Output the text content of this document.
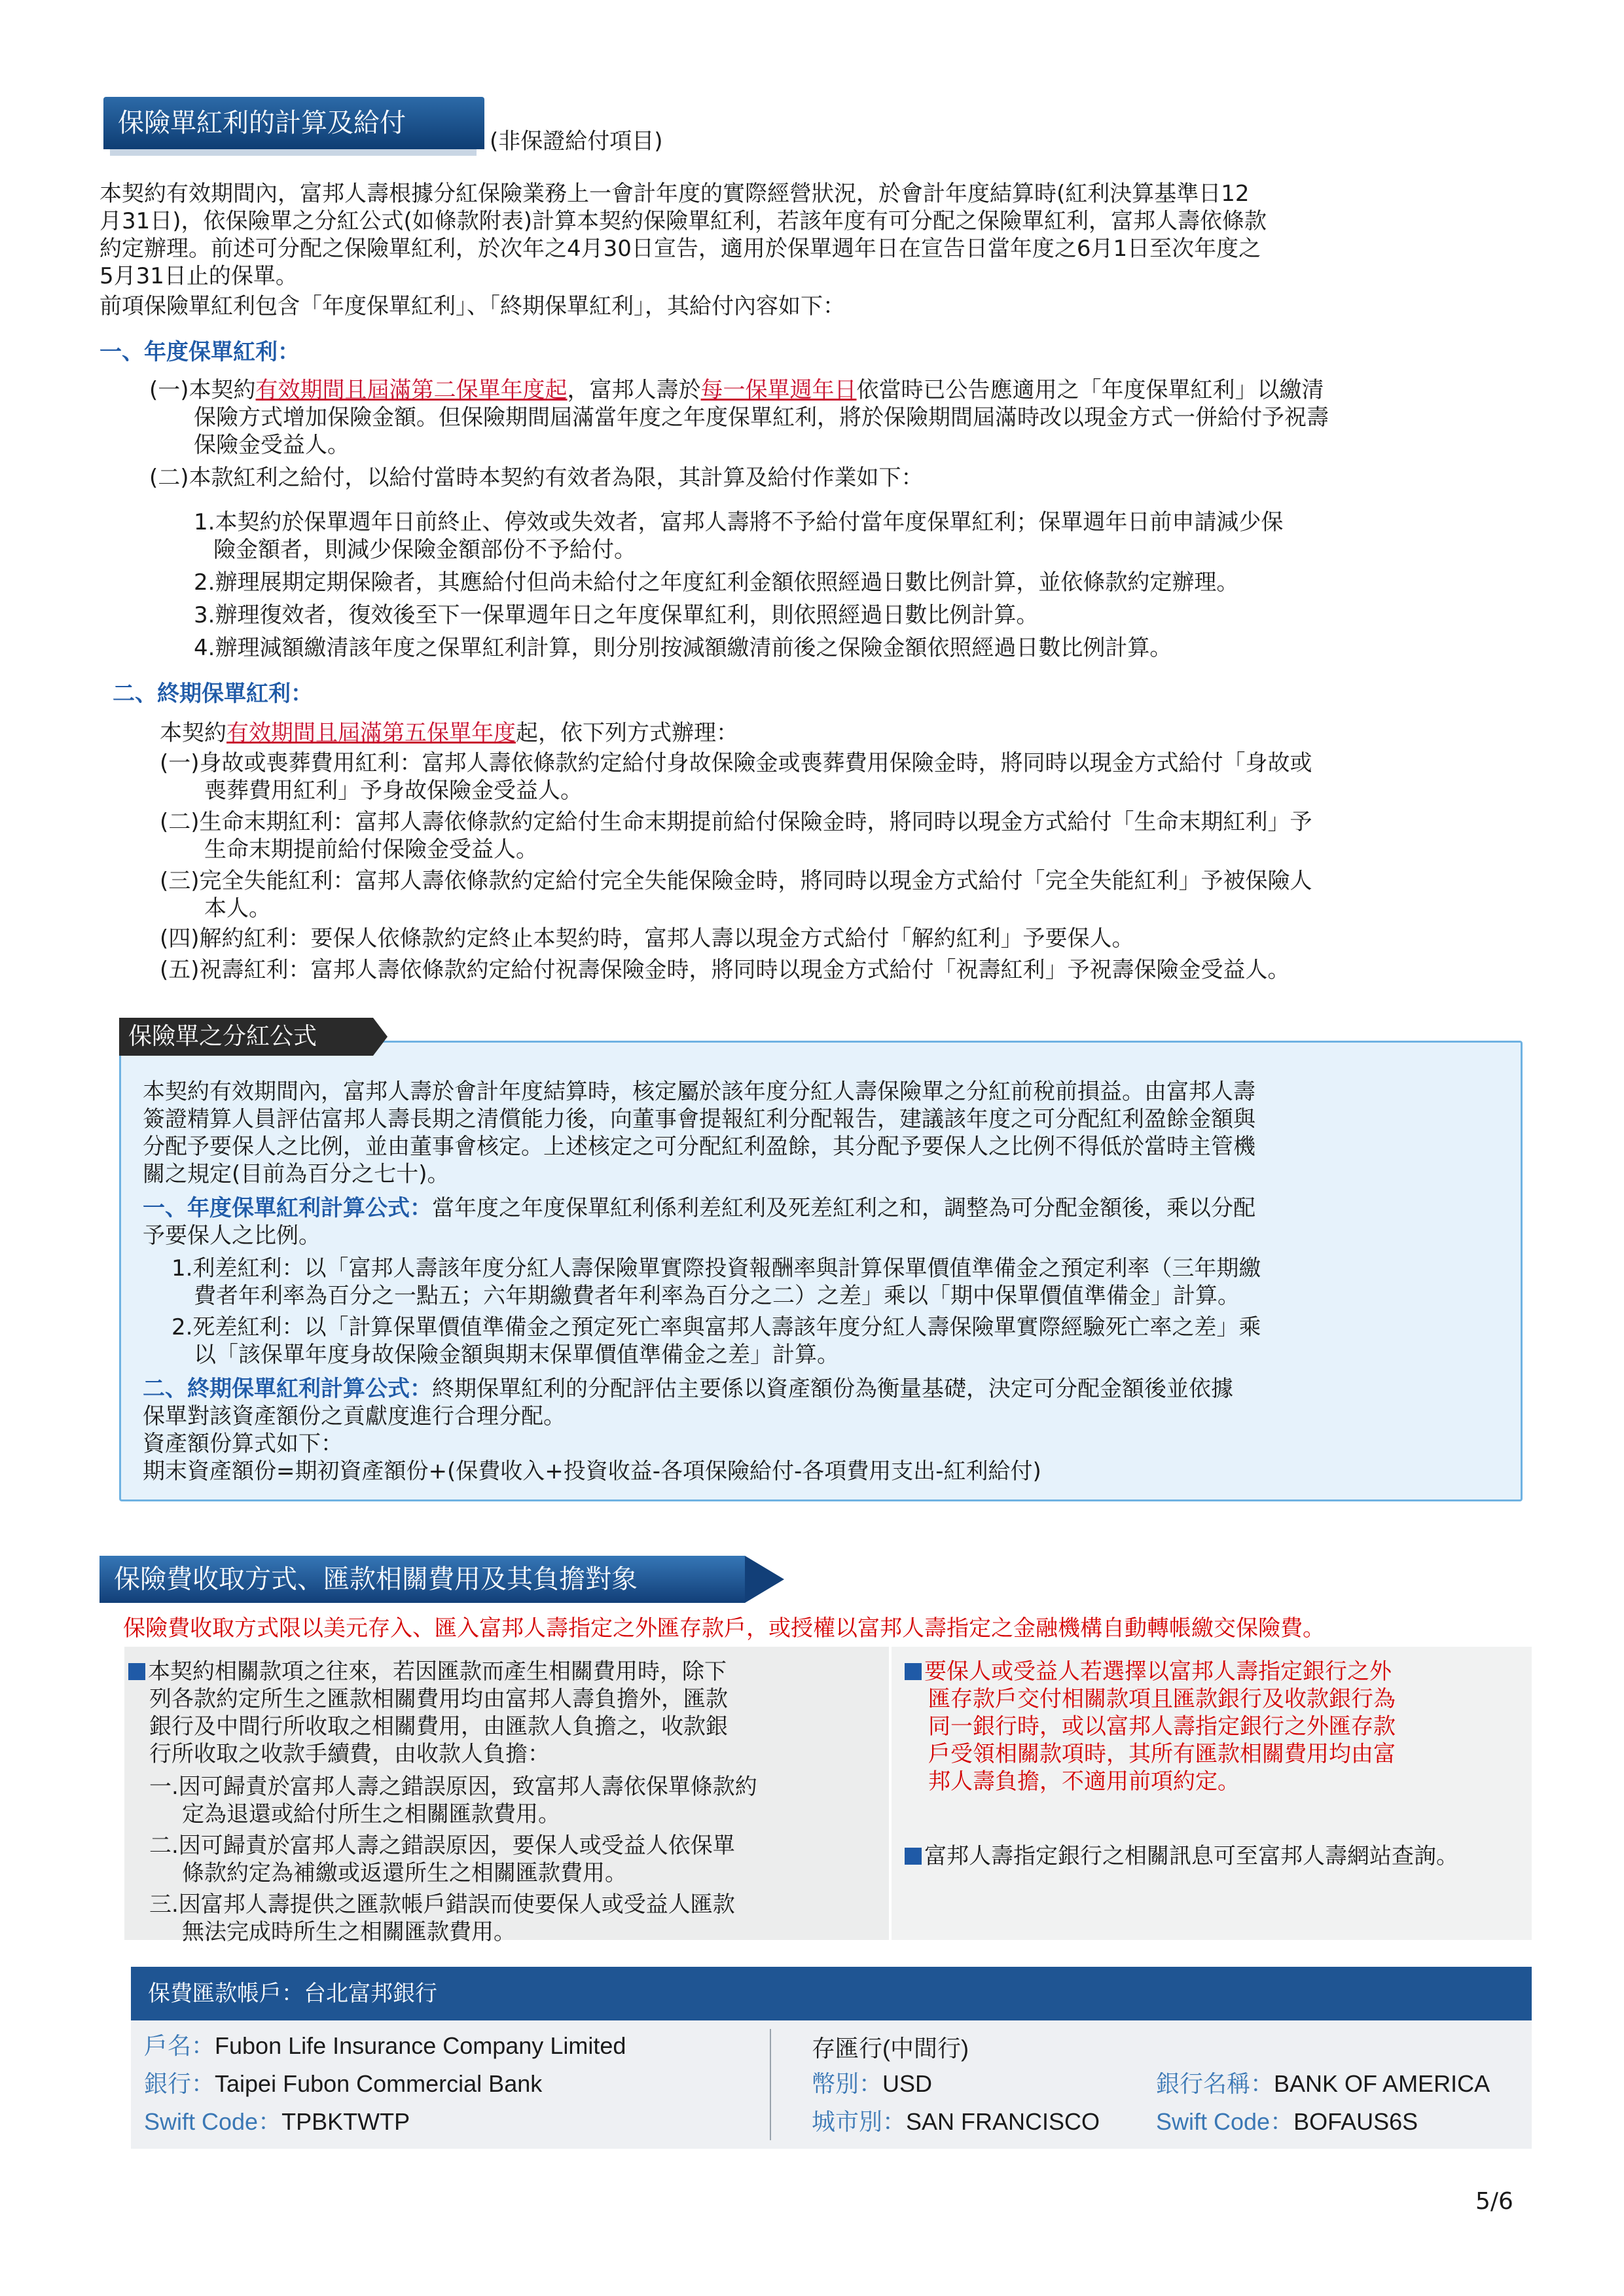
保險單紅利的計算及給付
(非保證給付項目)
本契約有效期間內，富邦人壽根據分紅保險業務上一會計年度的實際經營狀況，於會計年度結算時(紅利決算基準日12
月31日)，依保險單之分紅公式(如條款附表)計算本契約保險單紅利，若該年度有可分配之保險單紅利，富邦人壽依條款
約定辦理。前述可分配之保險單紅利，於次年之4月30日宣告，適用於保單週年日在宣告日當年度之6月1日至次年度之
5月31日止的保單。
前項保險單紅利包含「年度保單紅利」、「終期保單紅利」，其給付內容如下：
一、年度保單紅利：
(一)本契約有效期間且屆滿第二保單年度起，富邦人壽於每一保單週年日依當時已公告應適用之「年度保單紅利」以繳清
保險方式增加保險金額。但保險期間屆滿當年度之年度保單紅利，將於保險期間屆滿時改以現金方式一併給付予祝壽
保險金受益人。
(二)本款紅利之給付，以給付當時本契約有效者為限，其計算及給付作業如下：
1.本契約於保單週年日前終止、停效或失效者，富邦人壽將不予給付當年度保單紅利；保單週年日前申請減少保
險金額者，則減少保險金額部份不予給付。
2.辦理展期定期保險者，其應給付但尚未給付之年度紅利金額依照經過日數比例計算，並依條款約定辦理。
3.辦理復效者，復效後至下一保單週年日之年度保單紅利，則依照經過日數比例計算。
4.辦理減額繳清該年度之保單紅利計算，則分別按減額繳清前後之保險金額依照經過日數比例計算。
二、終期保單紅利：
本契約有效期間且屆滿第五保單年度起，依下列方式辦理：
(一)身故或喪葬費用紅利：富邦人壽依條款約定給付身故保險金或喪葬費用保險金時，將同時以現金方式給付「身故或
喪葬費用紅利」予身故保險金受益人。
(二)生命末期紅利：富邦人壽依條款約定給付生命末期提前給付保險金時，將同時以現金方式給付「生命末期紅利」予
生命末期提前給付保險金受益人。
(三)完全失能紅利：富邦人壽依條款約定給付完全失能保險金時，將同時以現金方式給付「完全失能紅利」予被保險人
本人。
(四)解約紅利：要保人依條款約定終止本契約時，富邦人壽以現金方式給付「解約紅利」予要保人。
(五)祝壽紅利：富邦人壽依條款約定給付祝壽保險金時，將同時以現金方式給付「祝壽紅利」予祝壽保險金受益人。
保險單之分紅公式
本契約有效期間內，富邦人壽於會計年度結算時，核定屬於該年度分紅人壽保險單之分紅前稅前損益。由富邦人壽
簽證精算人員評估富邦人壽長期之清償能力後，向董事會提報紅利分配報告，建議該年度之可分配紅利盈餘金額與
分配予要保人之比例，並由董事會核定。上述核定之可分配紅利盈餘，其分配予要保人之比例不得低於當時主管機
關之規定(目前為百分之七十)。
一、年度保單紅利計算公式：當年度之年度保單紅利係利差紅利及死差紅利之和，調整為可分配金額後，乘以分配
予要保人之比例。
1.利差紅利：以「富邦人壽該年度分紅人壽保險單實際投資報酬率與計算保單價值準備金之預定利率（三年期繳
費者年利率為百分之一點五；六年期繳費者年利率為百分之二）之差」乘以「期中保單價值準備金」計算。
2.死差紅利：以「計算保單價值準備金之預定死亡率與富邦人壽該年度分紅人壽保險單實際經驗死亡率之差」乘
以「該保單年度身故保險金額與期末保單價值準備金之差」計算。
二、終期保單紅利計算公式：終期保單紅利的分配評估主要係以資產額份為衡量基礎，決定可分配金額後並依據
保單對該資產額份之貢獻度進行合理分配。
資產額份算式如下：
期末資產額份=期初資產額份+(保費收入+投資收益-各項保險給付-各項費用支出-紅利給付)
保險費收取方式、匯款相關費用及其負擔對象
保險費收取方式限以美元存入、匯入富邦人壽指定之外匯存款戶，或授權以富邦人壽指定之金融機構自動轉帳繳交保險費。
本契約相關款項之往來，若因匯款而產生相關費用時，除下
列各款約定所生之匯款相關費用均由富邦人壽負擔外，匯款
銀行及中間行所收取之相關費用，由匯款人負擔之，收款銀
行所收取之收款手續費，由收款人負擔：
一.因可歸責於富邦人壽之錯誤原因，致富邦人壽依保單條款約
定為退還或給付所生之相關匯款費用。
二.因可歸責於富邦人壽之錯誤原因，要保人或受益人依保單
條款約定為補繳或返還所生之相關匯款費用。
三.因富邦人壽提供之匯款帳戶錯誤而使要保人或受益人匯款
無法完成時所生之相關匯款費用。
要保人或受益人若選擇以富邦人壽指定銀行之外
匯存款戶交付相關款項且匯款銀行及收款銀行為
同一銀行時，或以富邦人壽指定銀行之外匯存款
戶受領相關款項時，其所有匯款相關費用均由富
邦人壽負擔，不適用前項約定。
富邦人壽指定銀行之相關訊息可至富邦人壽網站查詢。
保費匯款帳戶：台北富邦銀行
戶名：Fubon Life Insurance Company Limited
銀行：Taipei Fubon Commercial Bank
Swift Code：TPBKTWTP
存匯行(中間行)
幣別：USD
城市別：SAN FRANCISCO
銀行名稱：BANK OF AMERICA
Swift Code：BOFAUS6S
5/6
